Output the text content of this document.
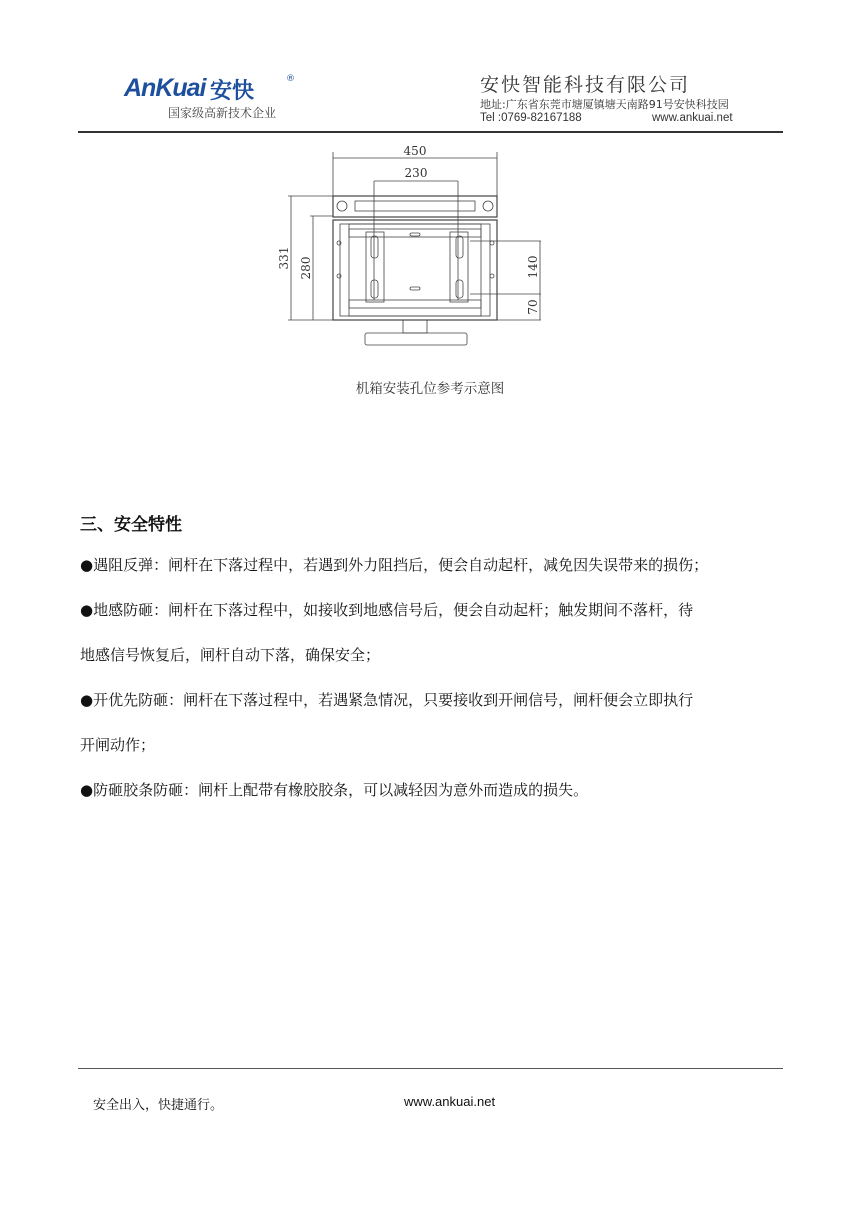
AnKuai 安快	®
国家级高新技术企业
安快智能科技有限公司
地址:广东省东莞市塘厦镇塘天南路91号安快科技园
Tel :0769-82167188	www.ankuai.net
450
230
331 280	140
70
机箱安装孔位参考示意图
三、安全特性
●遇阻反弹：闸杆在下落过程中，若遇到外力阻挡后，便会自动起杆，减免因失误带来的损伤；
●地感防砸：闸杆在下落过程中，如接收到地感信号后，便会自动起杆；触发期间不落杆，待
地感信号恢复后，闸杆自动下落，确保安全；
●开优先防砸：闸杆在下落过程中，若遇紧急情况，只要接收到开闸信号，闸杆便会立即执行
开闸动作；
●防砸胶条防砸：闸杆上配带有橡胶胶条，可以减轻因为意外而造成的损失。
安全出入，快捷通行。	www.ankuai.net
